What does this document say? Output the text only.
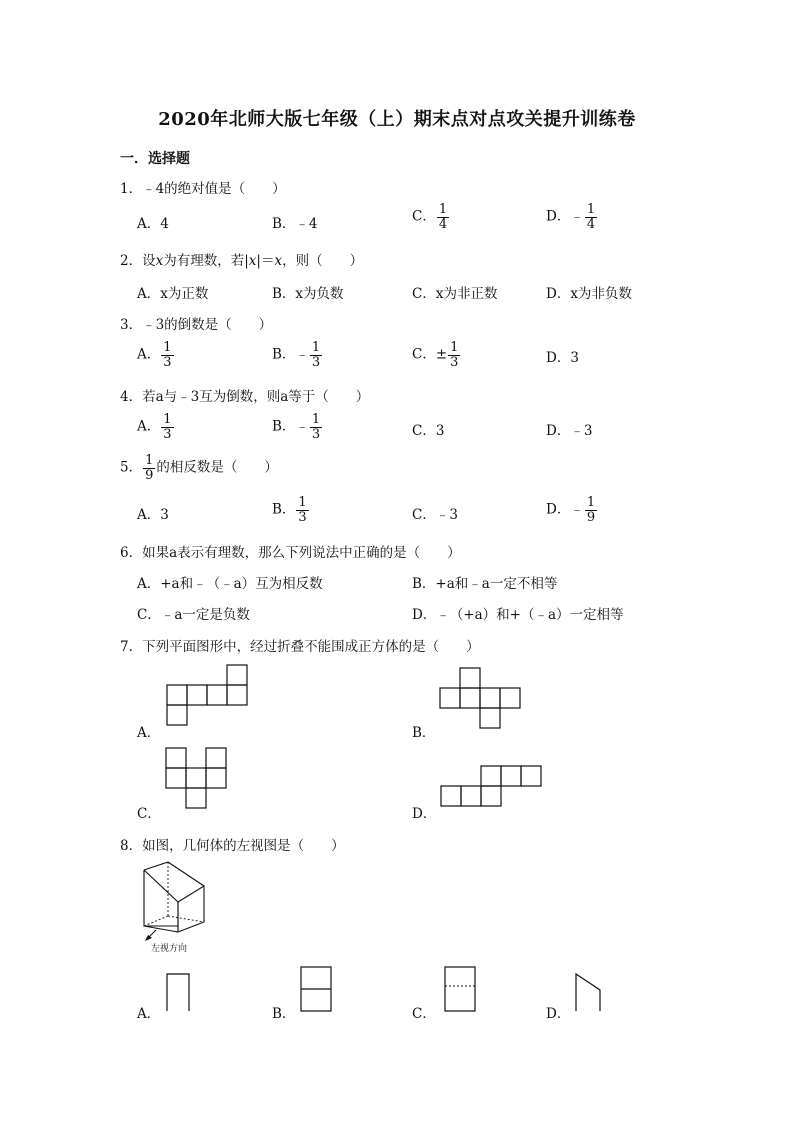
2020年北师大版七年级（上）期末点对点攻关提升训练卷
一．选择题
1．﹣4的绝对值是（　　）
A．4	B．﹣4	C． $\frac{1}{4}$	D．﹣ $\frac{1}{4}$
2．设x为有理数，若|x|＝x，则（　　）
A．x为正数	B．x为负数	C．x为非正数	D．x为非负数
3．﹣3的倒数是（　　）
A． $\frac{1}{3}$	B．﹣ $\frac{1}{3}$	C．± $\frac{1}{3}$	D．3
4．若a与﹣3互为倒数，则a等于（　　）
A． $\frac{1}{3}$	B．﹣ $\frac{1}{3}$	C．3	D．﹣3
5． $\frac{1}{9}$ 的相反数是（　　）
A．3	B． $\frac{1}{3}$	C．﹣3	D．﹣ $\frac{1}{9}$
6．如果a表示有理数，那么下列说法中正确的是（　　）
A．+a和﹣（﹣a）互为相反数	B．+a和﹣a一定不相等
C．﹣a一定是负数	D．﹣（+a）和+（﹣a）一定相等
7．下列平面图形中，经过折叠不能围成正方体的是（　　）
A．	B．
C．	D．
8．如图，几何体的左视图是（　　）
左视方向
A．	B．	C．	D．
